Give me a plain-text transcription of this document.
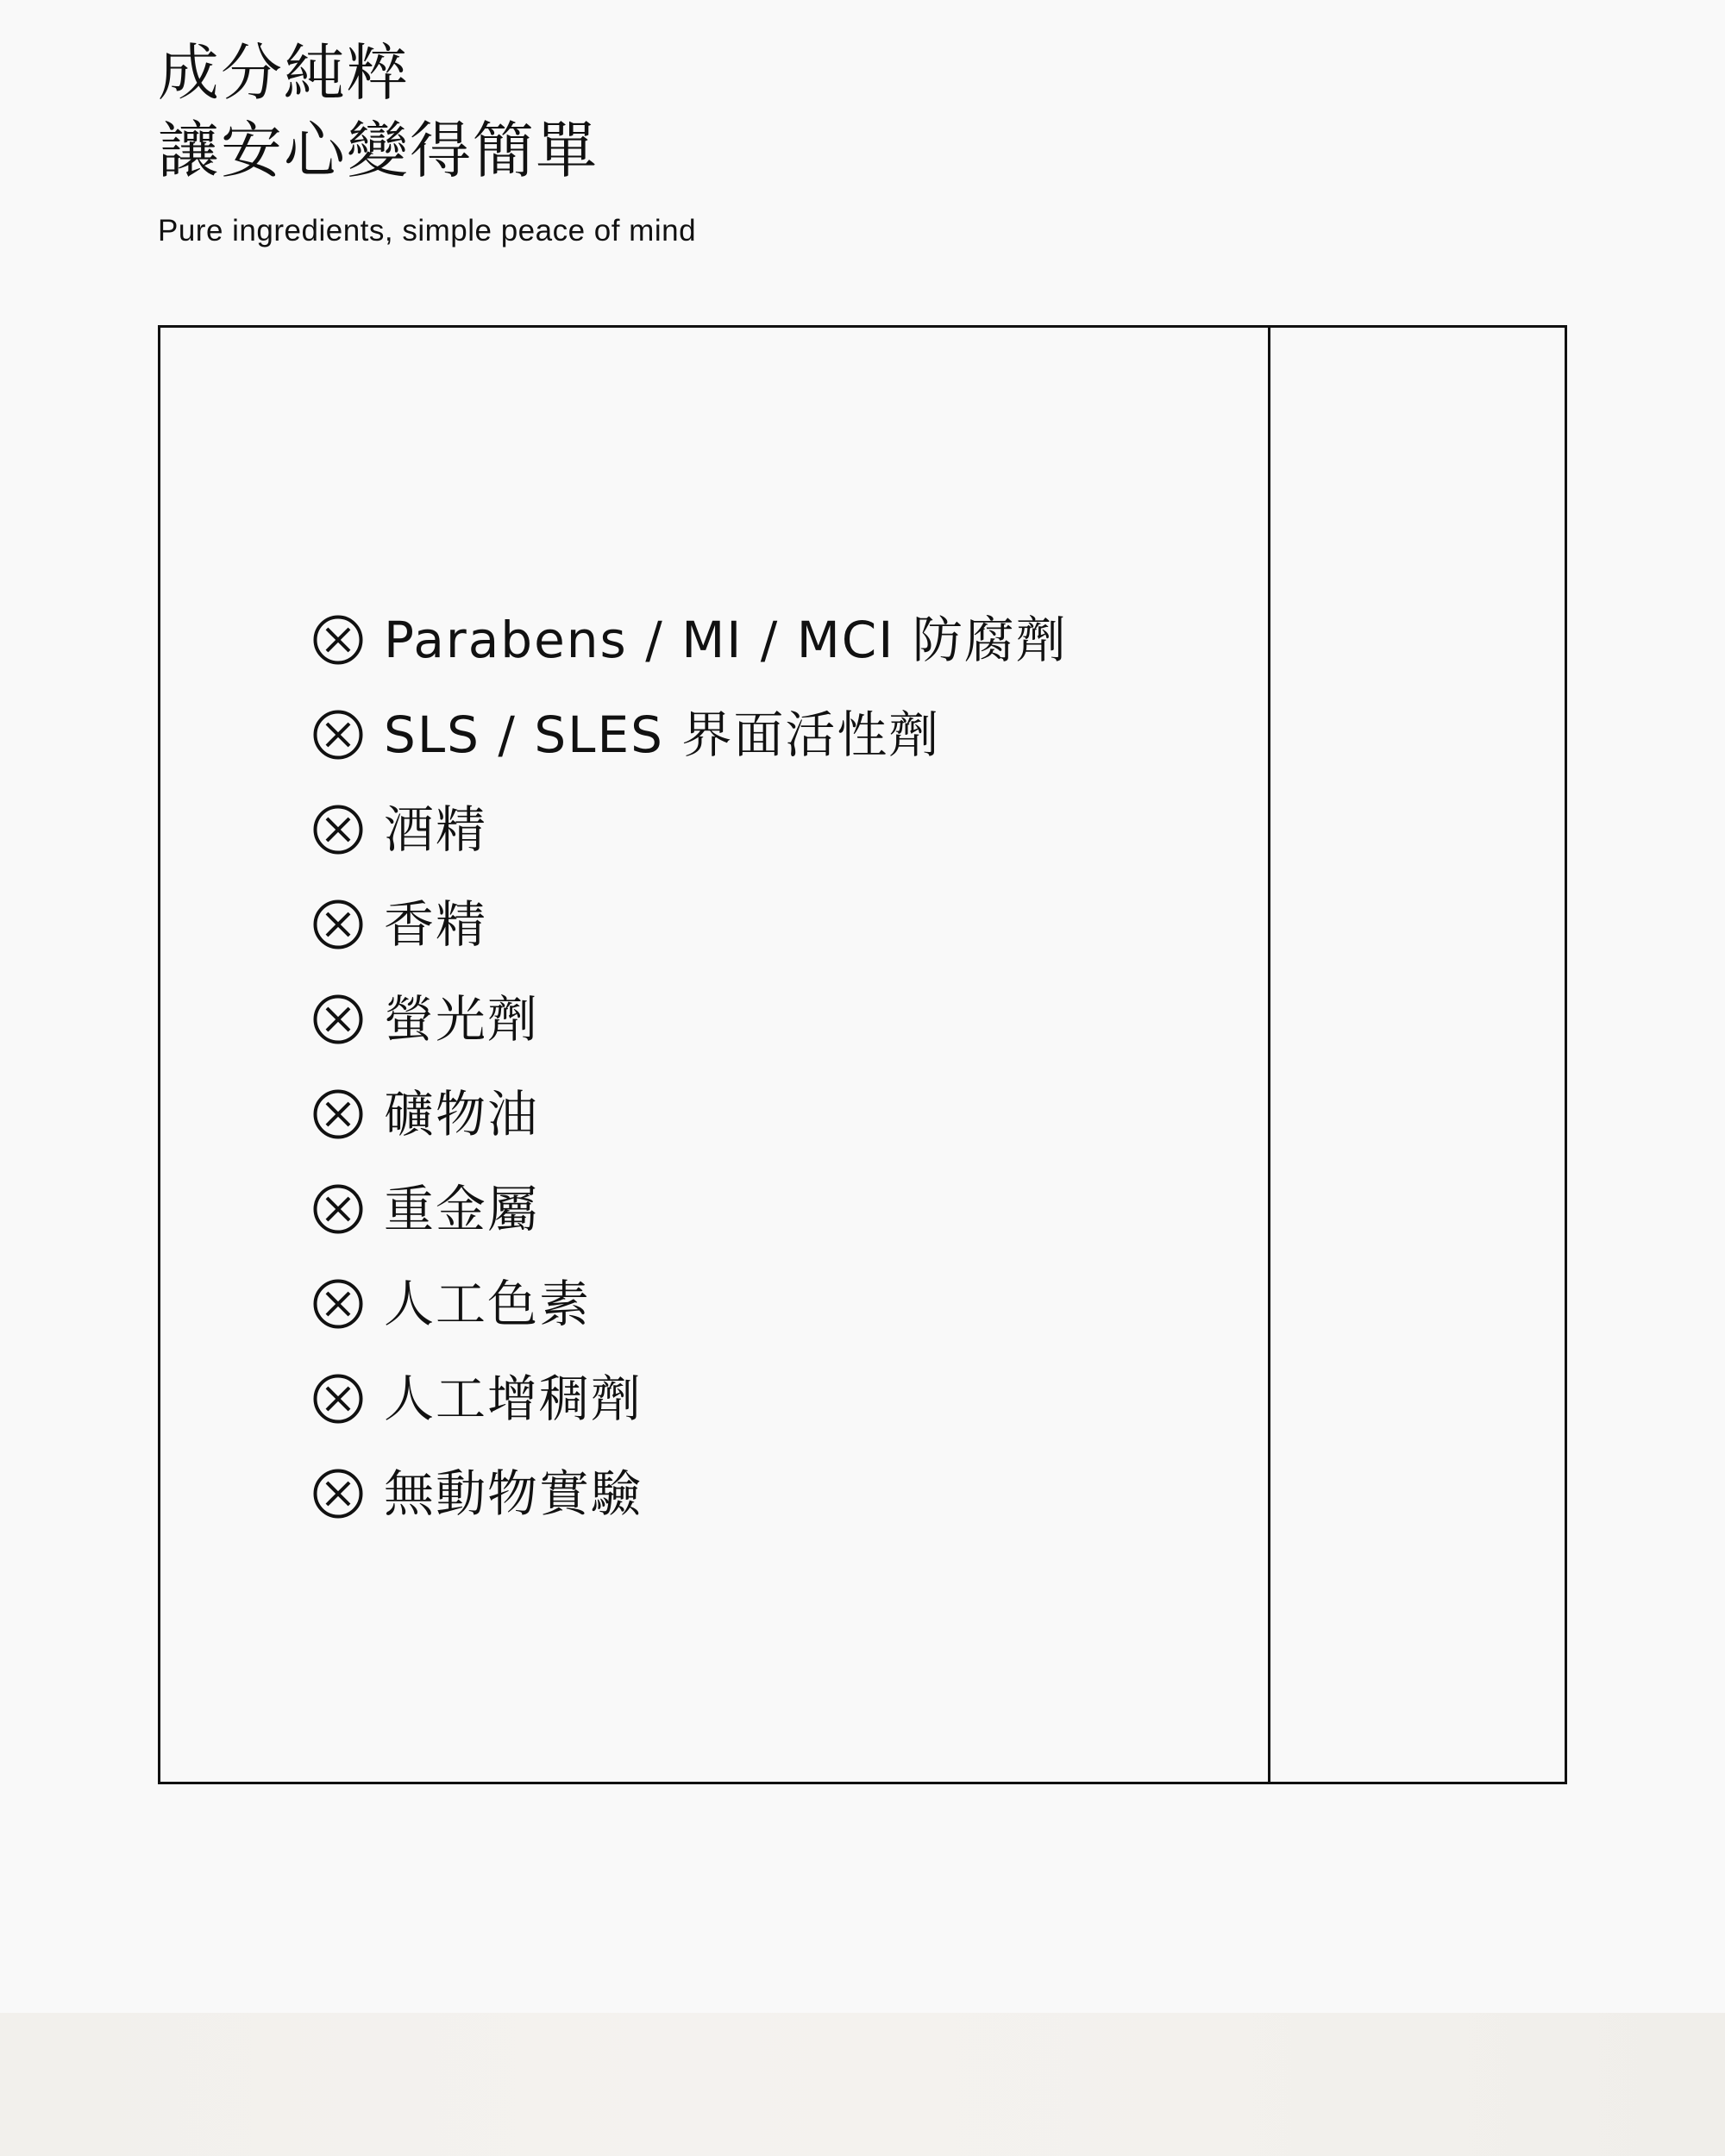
成分純粹
讓安心變得簡單

Pure ingredients, simple peace of mind

Parabens / MI / MCI 防腐劑
SLS / SLES 界面活性劑
酒精
香精
螢光劑
礦物油
重金屬
人工色素
人工增稠劑
無動物實驗
